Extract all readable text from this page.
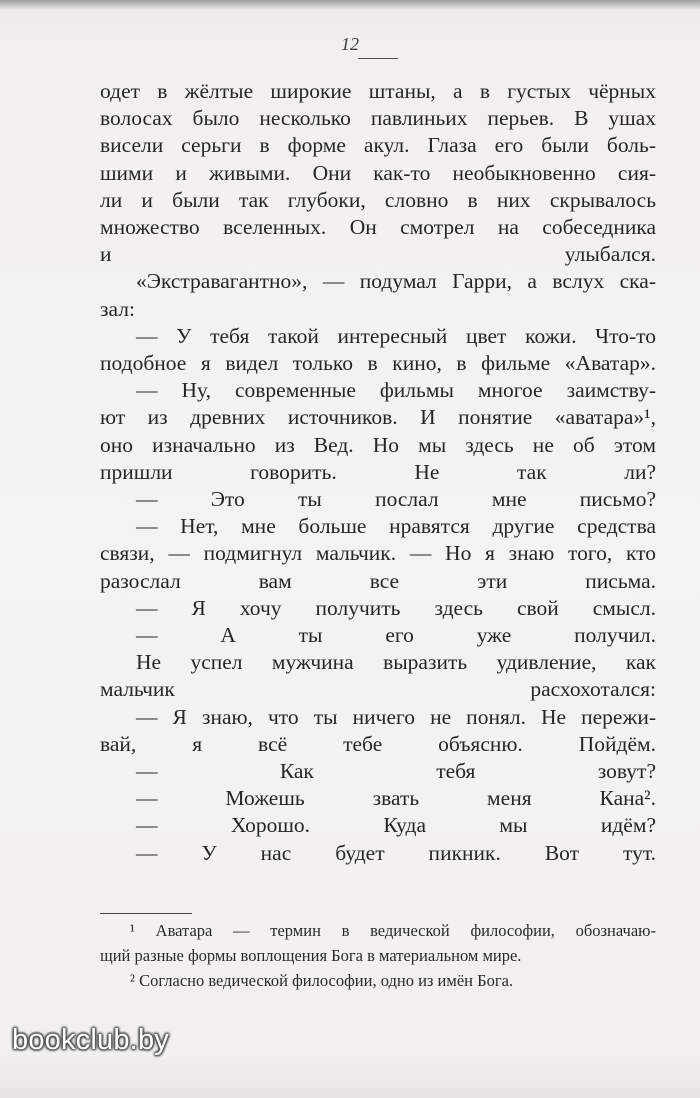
12
одет в жёлтые широкие штаны, а в густых чёрных
волосах было несколько павлиньих перьев. В ушах
висели серьги в форме акул. Глаза его были боль-
шими и живыми. Они как-то необыкновенно сия-
ли и были так глубоки, словно в них скрывалось
множество вселенных. Он смотрел на собеседника
и улыбался.
«Экстравагантно», — подумал Гарри, а вслух ска-
зал:
— У тебя такой интересный цвет кожи. Что-то
подобное я видел только в кино, в фильме «Аватар».
— Ну, современные фильмы многое заимству-
ют из древних источников. И понятие «аватара»¹,
оно изначально из Вед. Но мы здесь не об этом
пришли говорить. Не так ли?
— Это ты послал мне письмо?
— Нет, мне больше нравятся другие средства
связи, — подмигнул мальчик. — Но я знаю того, кто
разослал вам все эти письма.
— Я хочу получить здесь свой смысл.
— А ты его уже получил.
Не успел мужчина выразить удивление, как
мальчик расхохотался:
— Я знаю, что ты ничего не понял. Не пережи-
вай, я всё тебе объясню. Пойдём.
— Как тебя зовут?
— Можешь звать меня Кана².
— Хорошо. Куда мы идём?
— У нас будет пикник. Вот тут.
¹ Аватара — термин в ведической философии, обозначаю-
щий разные формы воплощения Бога в материальном мире.
² Согласно ведической философии, одно из имён Бога.
bookclub.by
